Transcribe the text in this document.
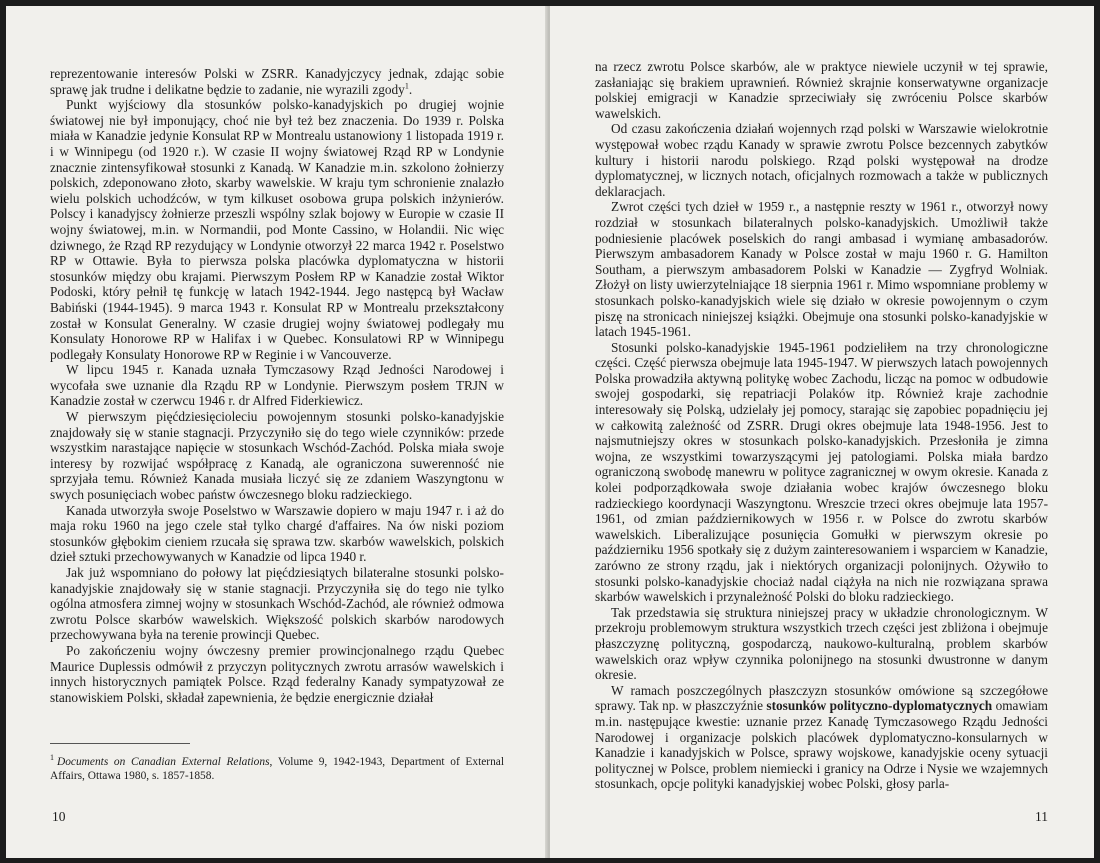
reprezentowanie interesów Polski w ZSRR. Kanadyjczycy jednak, zdając sobie sprawę jak trudne i delikatne będzie to zadanie, nie wyrazili zgody$^1$.

Punkt wyjściowy dla stosunków polsko-kanadyjskich po drugiej wojnie światowej nie był imponujący, choć nie był też bez znaczenia. Do 1939 r. Polska miała w Kanadzie jedynie Konsulat RP w Montrealu ustanowiony 1 listopada 1919 r. i w Winnipegu (od 1920 r.). W czasie II wojny światowej Rząd RP w Londynie znacznie zintensyfikował stosunki z Kanadą. W Kanadzie m.in. szkolono żołnierzy polskich, zdeponowano złoto, skarby wawelskie. W kraju tym schronienie znalazło wielu polskich uchodźców, w tym kilkuset osobowa grupa polskich inżynierów. Polscy i kanadyjscy żołnierze przeszli wspólny szlak bojowy w Europie w czasie II wojny światowej, m.in. w Normandii, pod Monte Cassino, w Holandii. Nic więc dziwnego, że Rząd RP rezydujący w Londynie otworzył 22 marca 1942 r. Poselstwo RP w Ottawie. Była to pierwsza polska placówka dyplomatyczna w historii stosunków między obu krajami. Pierwszym Posłem RP w Kanadzie został Wiktor Podoski, który pełnił tę funkcję w latach 1942-1944. Jego następcą był Wacław Babiński (1944-1945). 9 marca 1943 r. Konsulat RP w Montrealu przekształcony został w Konsulat Generalny. W czasie drugiej wojny światowej podlegały mu Konsulaty Honorowe RP w Halifax i w Quebec. Konsulatowi RP w Winnipegu podlegały Konsulaty Honorowe RP w Reginie i w Vancouverze.

W lipcu 1945 r. Kanada uznała Tymczasowy Rząd Jedności Narodowej i wycofała swe uznanie dla Rządu RP w Londynie. Pierwszym posłem TRJN w Kanadzie został w czerwcu 1946 r. dr Alfred Fiderkiewicz.

W pierwszym pięćdziesięcioleciu powojennym stosunki polsko-kanadyjskie znajdowały się w stanie stagnacji. Przyczyniło się do tego wiele czynników: przede wszystkim narastające napięcie w stosunkach Wschód-Zachód. Polska miała swoje interesy by rozwijać współpracę z Kanadą, ale ograniczona suwerenność nie sprzyjała temu. Również Kanada musiała liczyć się ze zdaniem Waszyngtonu w swych posunięciach wobec państw ówczesnego bloku radzieckiego.

Kanada utworzyła swoje Poselstwo w Warszawie dopiero w maju 1947 r. i aż do maja roku 1960 na jego czele stał tylko chargé d'affaires. Na ów niski poziom stosunków głębokim cieniem rzucała się sprawa tzw. skarbów wawelskich, polskich dzieł sztuki przechowywanych w Kanadzie od lipca 1940 r.

Jak już wspomniano do połowy lat pięćdziesiątych bilateralne stosunki polsko-kanadyjskie znajdowały się w stanie stagnacji. Przyczyniła się do tego nie tylko ogólna atmosfera zimnej wojny w stosunkach Wschód-Zachód, ale również odmowa zwrotu Polsce skarbów wawelskich. Większość polskich skarbów narodowych przechowywana była na terenie prowincji Quebec.

Po zakończeniu wojny ówczesny premier prowincjonalnego rządu Quebec Maurice Duplessis odmówił z przyczyn politycznych zwrotu arrasów wawelskich i innych historycznych pamiątek Polsce. Rząd federalny Kanady sympatyzował ze stanowiskiem Polski, składał zapewnienia, że będzie energicznie działał

$^1$ Documents on Canadian External Relations, Volume 9, 1942-1943, Department of External Affairs, Ottawa 1980, s. 1857-1858.
10

na rzecz zwrotu Polsce skarbów, ale w praktyce niewiele uczynił w tej sprawie, zasłaniając się brakiem uprawnień. Również skrajnie konserwatywne organizacje polskiej emigracji w Kanadzie sprzeciwiały się zwróceniu Polsce skarbów wawelskich.

Od czasu zakończenia działań wojennych rząd polski w Warszawie wielokrotnie występował wobec rządu Kanady w sprawie zwrotu Polsce bezcennych zabytków kultury i historii narodu polskiego. Rząd polski występował na drodze dyplomatycznej, w licznych notach, oficjalnych rozmowach a także w publicznych deklaracjach.

Zwrot części tych dzieł w 1959 r., a następnie reszty w 1961 r., otworzył nowy rozdział w stosunkach bilateralnych polsko-kanadyjskich. Umożliwił także podniesienie placówek poselskich do rangi ambasad i wymianę ambasadorów. Pierwszym ambasadorem Kanady w Polsce został w maju 1960 r. G. Hamilton Southam, a pierwszym ambasadorem Polski w Kanadzie — Zygfryd Wolniak. Złożył on listy uwierzytelniające 18 sierpnia 1961 r. Mimo wspomniane problemy w stosunkach polsko-kanadyjskich wiele się działo w okresie powojennym o czym piszę na stronicach niniejszej książki. Obejmuje ona stosunki polsko-kanadyjskie w latach 1945-1961.

Stosunki polsko-kanadyjskie 1945-1961 podzieliłem na trzy chronologiczne części. Część pierwsza obejmuje lata 1945-1947. W pierwszych latach powojennych Polska prowadziła aktywną politykę wobec Zachodu, licząc na pomoc w odbudowie swojej gospodarki, się repatriacji Polaków itp. Również kraje zachodnie interesowały się Polską, udzielały jej pomocy, starając się zapobiec popadnięciu jej w całkowitą zależność od ZSRR. Drugi okres obejmuje lata 1948-1956. Jest to najsmutniejszy okres w stosunkach polsko-kanadyjskich. Przesłoniła je zimna wojna, ze wszystkimi towarzyszącymi jej patologiami. Polska miała bardzo ograniczoną swobodę manewru w polityce zagranicznej w owym okresie. Kanada z kolei podporządkowała swoje działania wobec krajów ówczesnego bloku radzieckiego koordynacji Waszyngtonu. Wreszcie trzeci okres obejmuje lata 1957-1961, od zmian październikowych w 1956 r. w Polsce do zwrotu skarbów wawelskich. Liberalizujące posunięcia Gomułki w pierwszym okresie po październiku 1956 spotkały się z dużym zainteresowaniem i wsparciem w Kanadzie, zarówno ze strony rządu, jak i niektórych organizacji polonijnych. Ożywiło to stosunki polsko-kanadyjskie chociaż nadal ciążyła na nich nie rozwiązana sprawa skarbów wawelskich i przynależność Polski do bloku radzieckiego.

Tak przedstawia się struktura niniejszej pracy w układzie chronologicznym. W przekroju problemowym struktura wszystkich trzech części jest zbliżona i obejmuje płaszczyznę polityczną, gospodarczą, naukowo-kulturalną, problem skarbów wawelskich oraz wpływ czynnika polonijnego na stosunki dwustronne w danym okresie.

W ramach poszczególnych płaszczyzn stosunków omówione są szczegółowe sprawy. Tak np. w płaszczyźnie stosunków polityczno-dyplomatycznych omawiam m.in. następujące kwestie: uznanie przez Kanadę Tymczasowego Rządu Jedności Narodowej i organizacje polskich placówek dyplomatyczno-konsularnych w Kanadzie i kanadyjskich w Polsce, sprawy wojskowe, kanadyjskie oceny sytuacji politycznej w Polsce, problem niemiecki i granicy na Odrze i Nysie we wzajemnych stosunkach, opcje polityki kanadyjskiej wobec Polski, głosy parla-

11
